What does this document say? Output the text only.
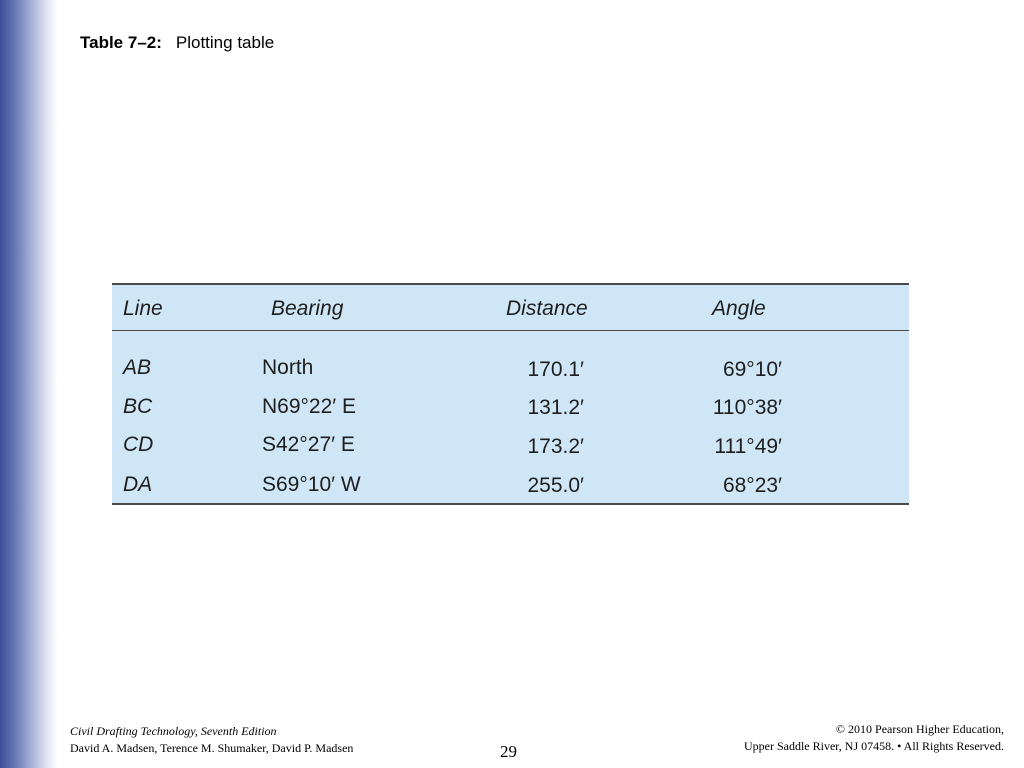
Table 7–2: Plotting table
Line	Bearing	Distance	Angle
AB	North	170.1′	69°10′
BC	N69°22′ E	131.2′	110°38′
CD	S42°27′ E	173.2′	111°49′
DA	S69°10′ W	255.0′	68°23′
Civil Drafting Technology, Seventh Edition
David A. Madsen, Terence M. Shumaker, David P. Madsen	29
© 2010 Pearson Higher Education,
Upper Saddle River, NJ 07458. • All Rights Reserved.
